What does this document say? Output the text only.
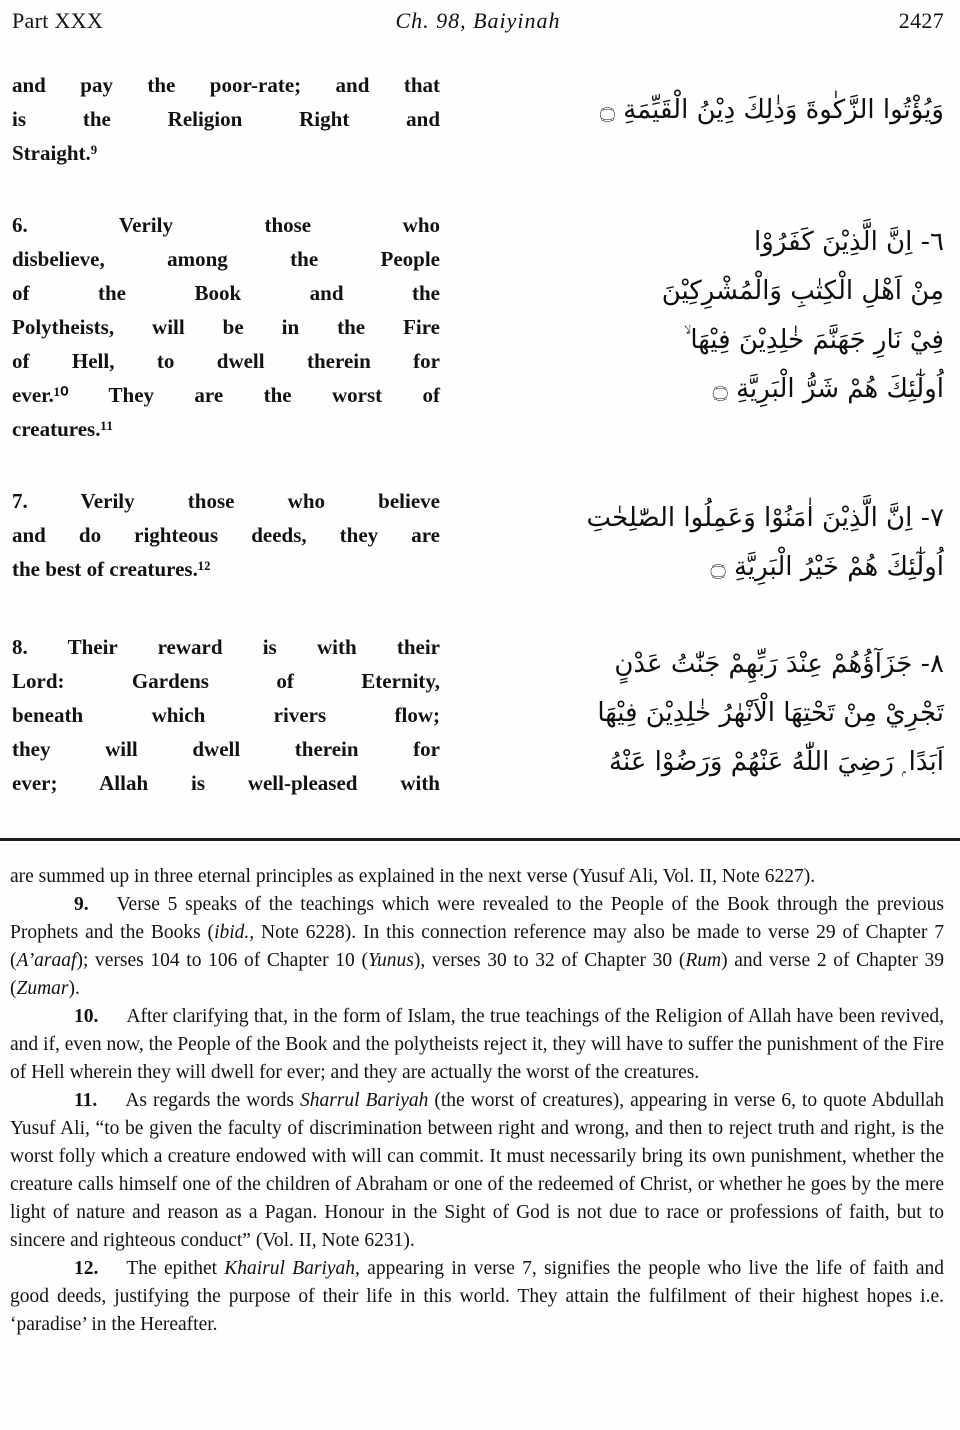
Part XXX	Ch. 98, Baiyinah	2427
and pay the poor-rate; and that
is the Religion Right and
Straight.⁹
وَيُؤْتُوا الزَّكٰوةَ وَذٰلِكَ دِيْنُ الْقَيِّمَةِ ۝
6. Verily those who
disbelieve, among the People
of the Book and the
Polytheists, will be in the Fire
of Hell, to dwell therein for
ever.¹⁰ They are the worst of
creatures.¹¹
٦- اِنَّ الَّذِيْنَ كَفَرُوْا
مِنْ اَهْلِ الْكِتٰبِ وَالْمُشْرِكِيْنَ
فِيْ نَارِ جَهَنَّمَ خٰلِدِيْنَ فِيْهَا ۙ
اُولٰٓئِكَ هُمْ شَرُّ الْبَرِيَّةِ ۝
7. Verily those who believe
and do righteous deeds, they are
the best of creatures.¹²
٧- اِنَّ الَّذِيْنَ اٰمَنُوْا وَعَمِلُوا الصّٰلِحٰتِ
اُولٰٓئِكَ هُمْ خَيْرُ الْبَرِيَّةِ ۝
8. Their reward is with their
Lord: Gardens of Eternity,
beneath which rivers flow;
they will dwell therein for
ever; Allah is well-pleased with
٨- جَزَآؤُهُمْ عِنْدَ رَبِّهِمْ جَنّٰتُ عَدْنٍ
تَجْرِيْ مِنْ تَحْتِهَا الْاَنْهٰرُ خٰلِدِيْنَ فِيْهَا
اَبَدًا ۭ رَضِيَ اللّٰهُ عَنْهُمْ وَرَضُوْا عَنْهُ

are summed up in three eternal principles as explained in the next verse (Yusuf Ali, Vol. II, Note 6227).

9. Verse 5 speaks of the teachings which were revealed to the People of the Book through the previous Prophets and the Books (ibid., Note 6228). In this connection reference may also be made to verse 29 of Chapter 7 (A’araaf); verses 104 to 106 of Chapter 10 (Yunus), verses 30 to 32 of Chapter 30 (Rum) and verse 2 of Chapter 39 (Zumar).

10. After clarifying that, in the form of Islam, the true teachings of the Religion of Allah have been revived, and if, even now, the People of the Book and the polytheists reject it, they will have to suffer the punishment of the Fire of Hell wherein they will dwell for ever; and they are actually the worst of the creatures.

11. As regards the words Sharrul Bariyah (the worst of creatures), appearing in verse 6, to quote Abdullah Yusuf Ali, “to be given the faculty of discrimination between right and wrong, and then to reject truth and right, is the worst folly which a creature endowed with will can commit. It must necessarily bring its own punishment, whether the creature calls himself one of the children of Abraham or one of the redeemed of Christ, or whether he goes by the mere light of nature and reason as a Pagan. Honour in the Sight of God is not due to race or professions of faith, but to sincere and righteous conduct” (Vol. II, Note 6231).

12. The epithet Khairul Bariyah, appearing in verse 7, signifies the people who live the life of faith and good deeds, justifying the purpose of their life in this world. They attain the fulfilment of their highest hopes i.e. ‘paradise’ in the Hereafter.
